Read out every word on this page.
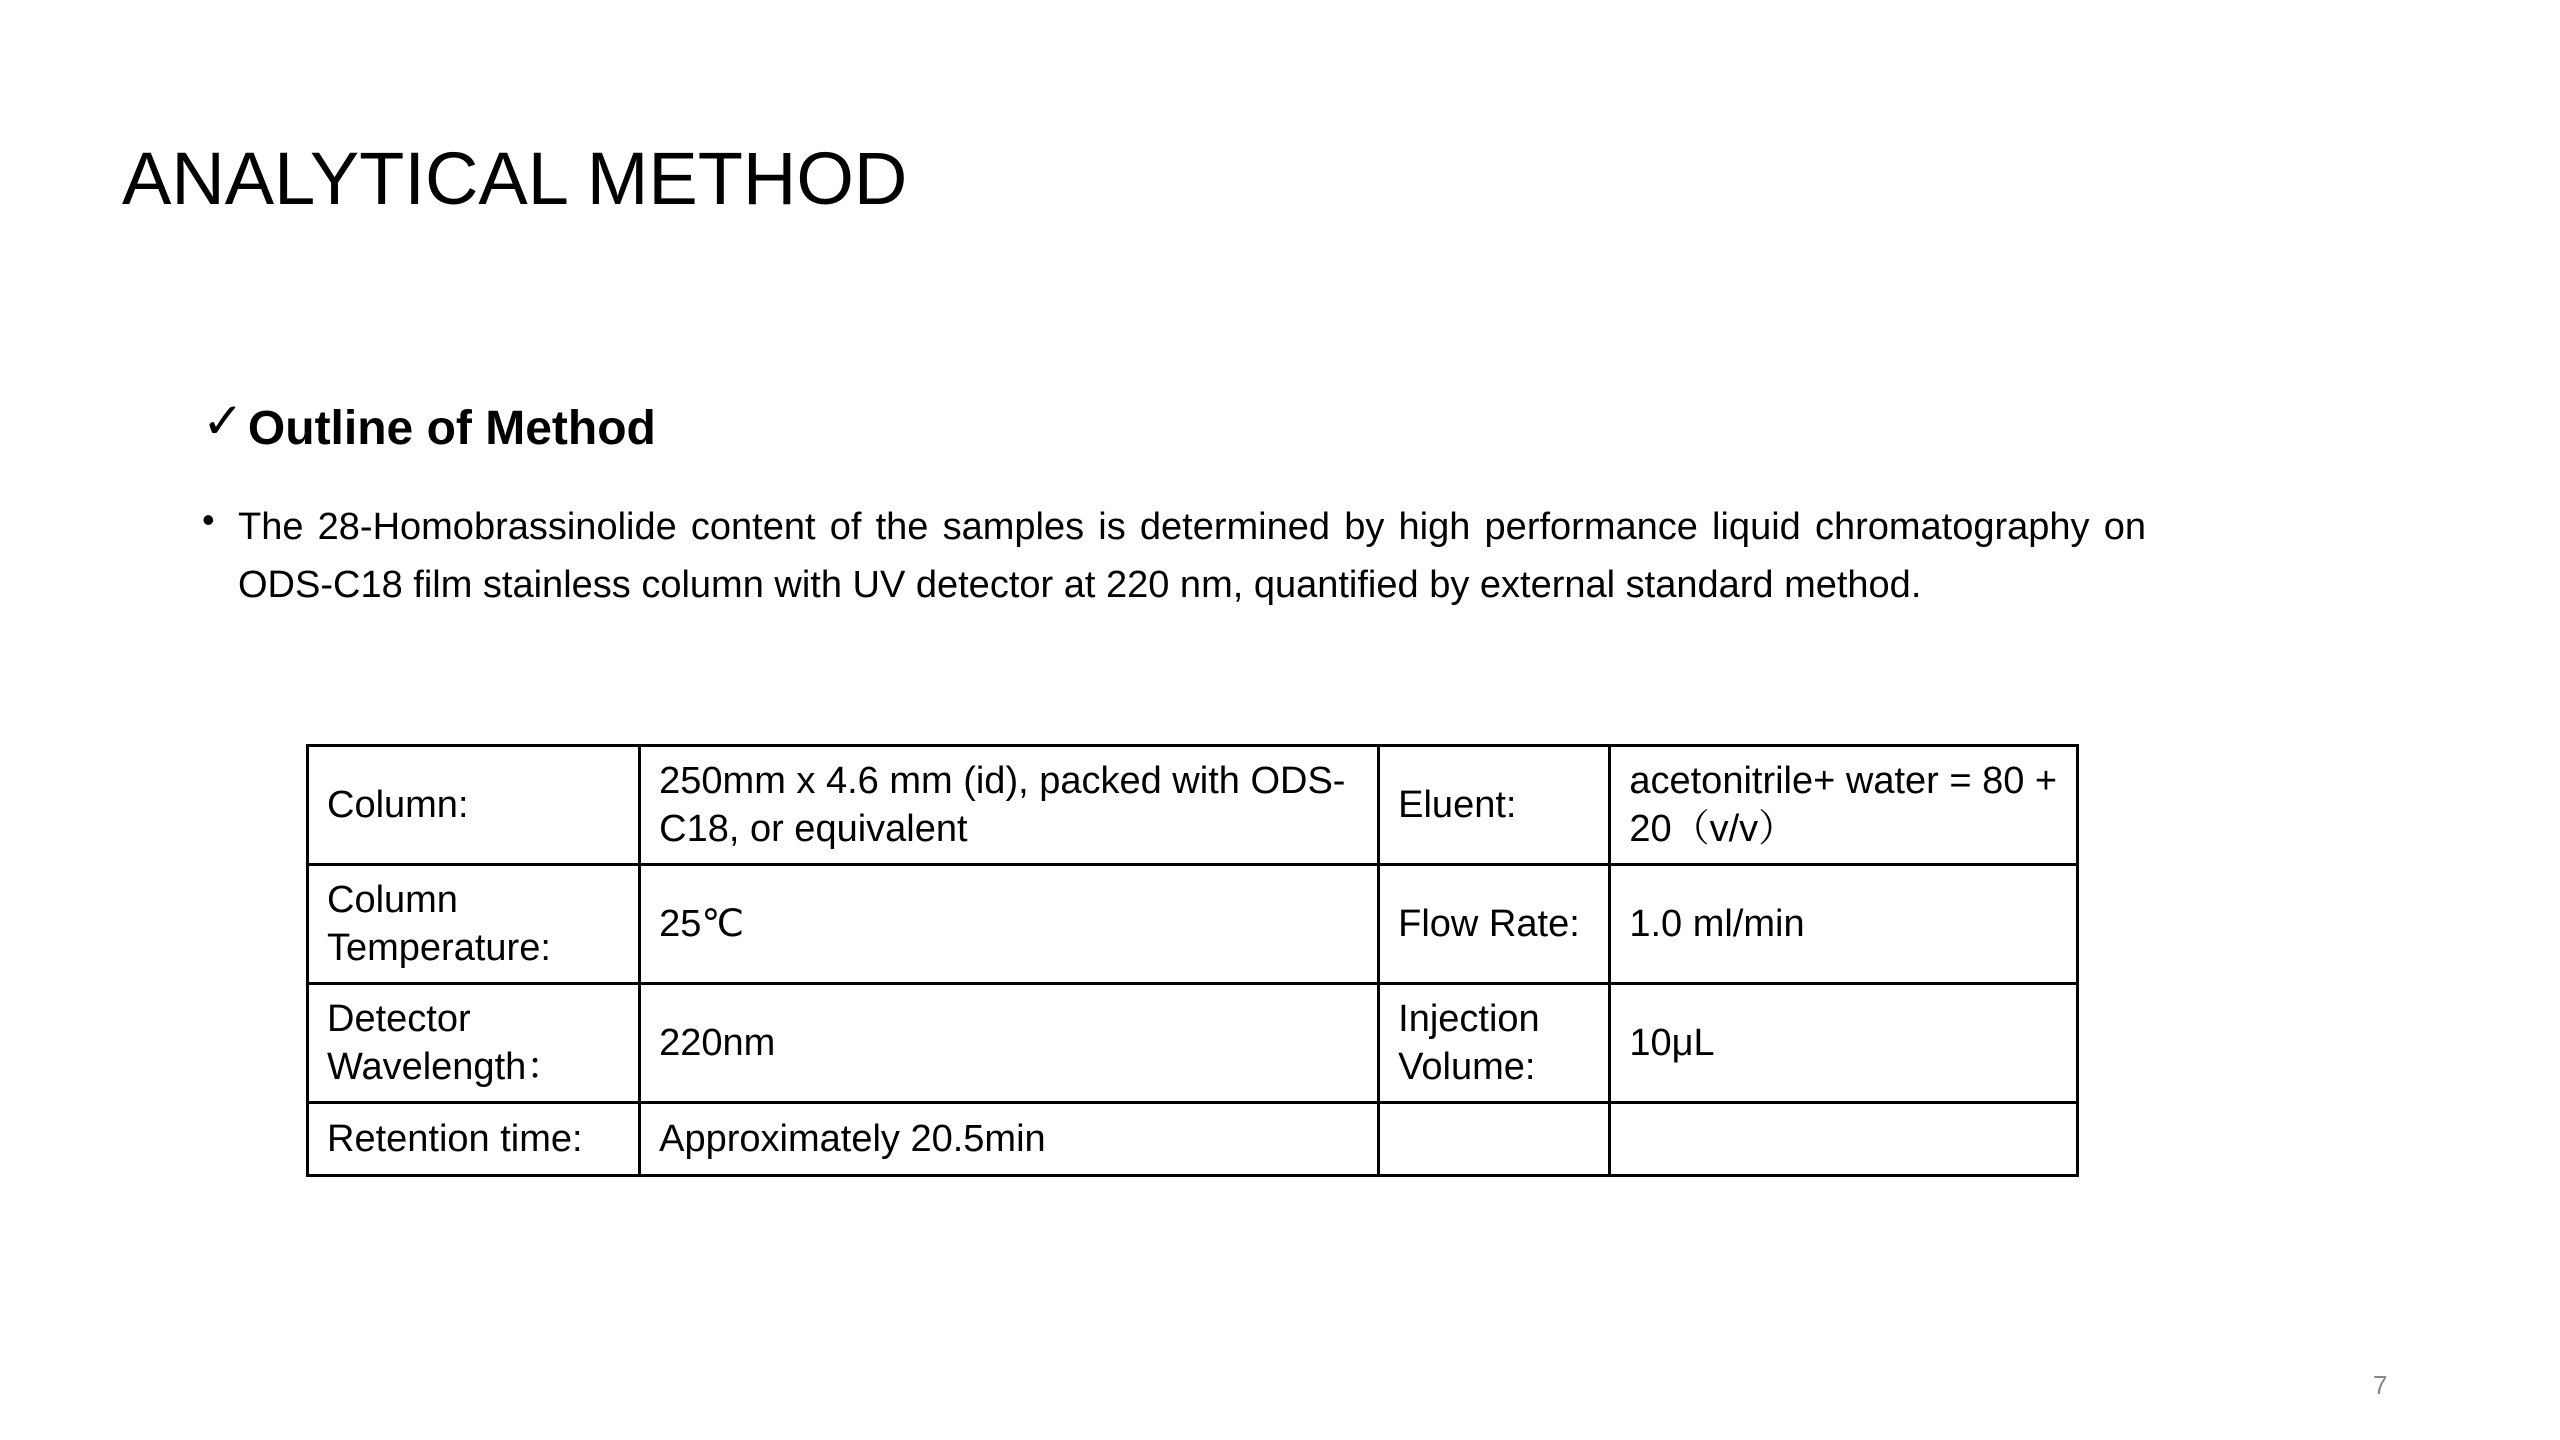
ANALYTICAL METHOD
✓ Outline of Method
• The 28-Homobrassinolide content of the samples is determined by high performance liquid chromatography on ODS-C18 film stainless column with UV detector at 220 nm, quantified by external standard method.

Column:	250mm x 4.6 mm (id), packed with ODS-C18, or equivalent	Eluent:	acetonitrile+ water = 80 + 20（v/v）
Column Temperature:	25℃	Flow Rate:	1.0 ml/min
Detector Wavelength：	220nm	Injection Volume:	10μL
Retention time:	Approximately 20.5min		
7
